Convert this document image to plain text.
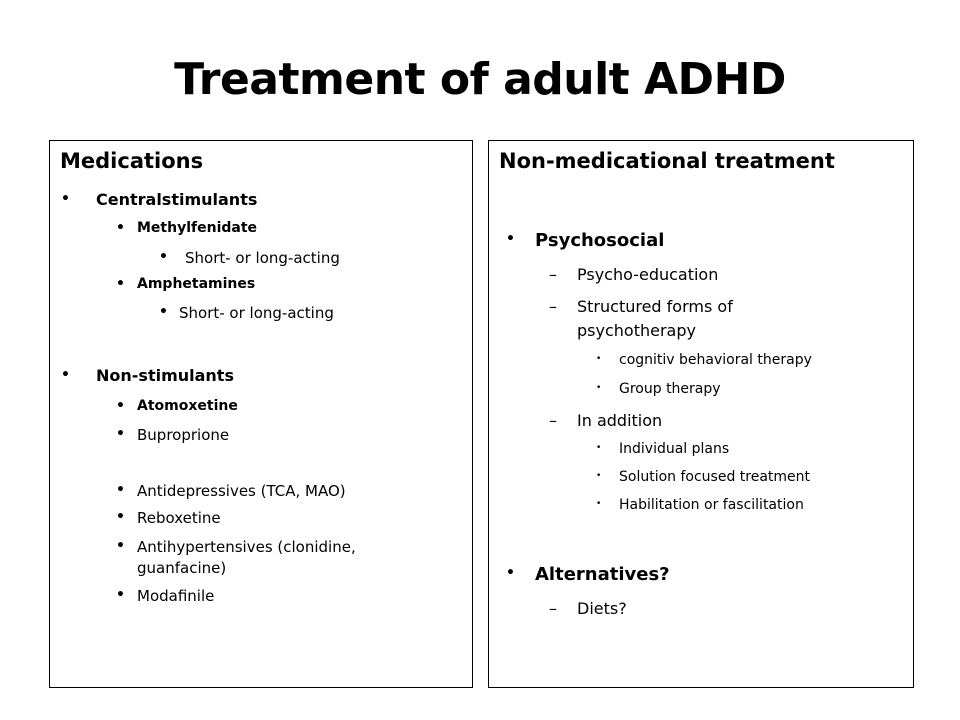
Treatment of adult ADHD
Medications
• Centralstimulants
• Methylfenidate
• Short- or long-acting
• Amphetamines
• Short- or long-acting
• Non-stimulants
• Atomoxetine
• Buproprione
• Antidepressives (TCA, MAO)
• Reboxetine
• Antihypertensives (clonidine,
guanfacine)
• Modafinile
Non-medicational treatment
• Psychosocial
– Psycho-education
– Structured forms of
psychotherapy
• cognitiv behavioral therapy
• Group therapy
– In addition
• Individual plans
• Solution focused treatment
• Habilitation or fascilitation
• Alternatives?
– Diets?
